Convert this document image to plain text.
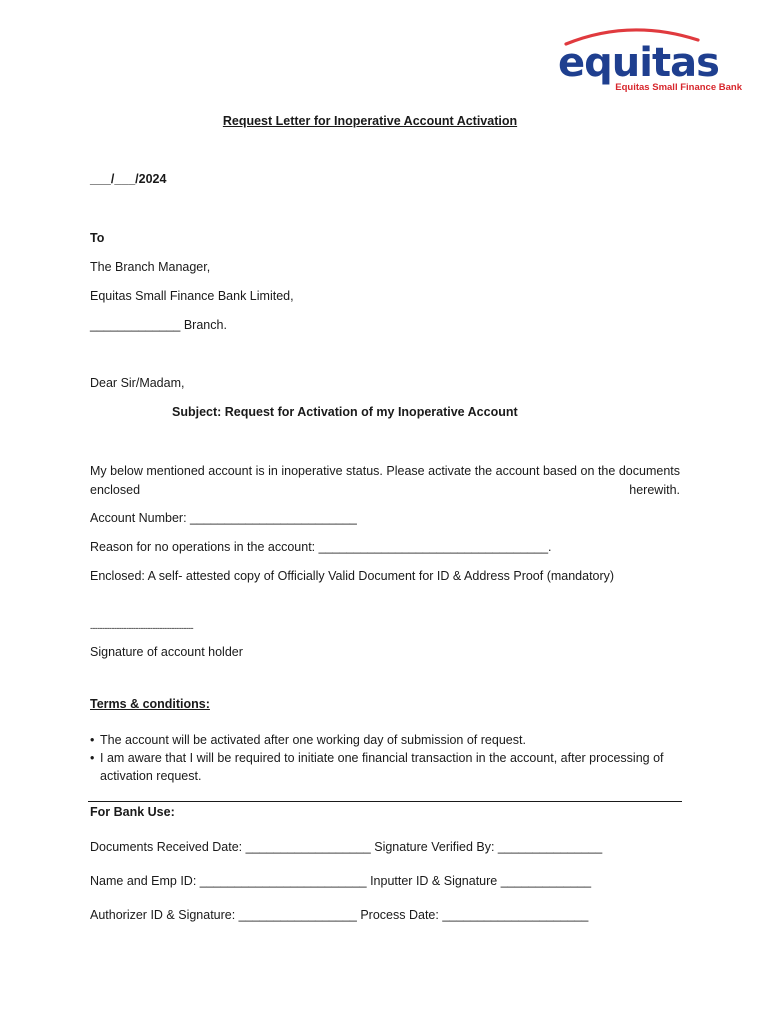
equitas
Equitas Small Finance Bank
Request Letter for Inoperative Account Activation
___/___/2024
To
The Branch Manager,
Equitas Small Finance Bank Limited,
_____________ Branch.
Dear Sir/Madam,
Subject: Request for Activation of my Inoperative Account
My below mentioned account is in inoperative status. Please activate the account based on the documents enclosed herewith.
Account Number: ________________________
Reason for no operations in the account: _________________________________.
Enclosed: A self- attested copy of Officially Valid Document for ID & Address Proof (mandatory)
-------------------------------------------
Signature of account holder
Terms & conditions:
• The account will be activated after one working day of submission of request.
• I am aware that I will be required to initiate one financial transaction in the account, after processing of activation request.
For Bank Use:
Documents Received Date: __________________ Signature Verified By: _______________
Name and Emp ID: ________________________ Inputter ID & Signature _____________
Authorizer ID & Signature: _________________ Process Date: _____________________
